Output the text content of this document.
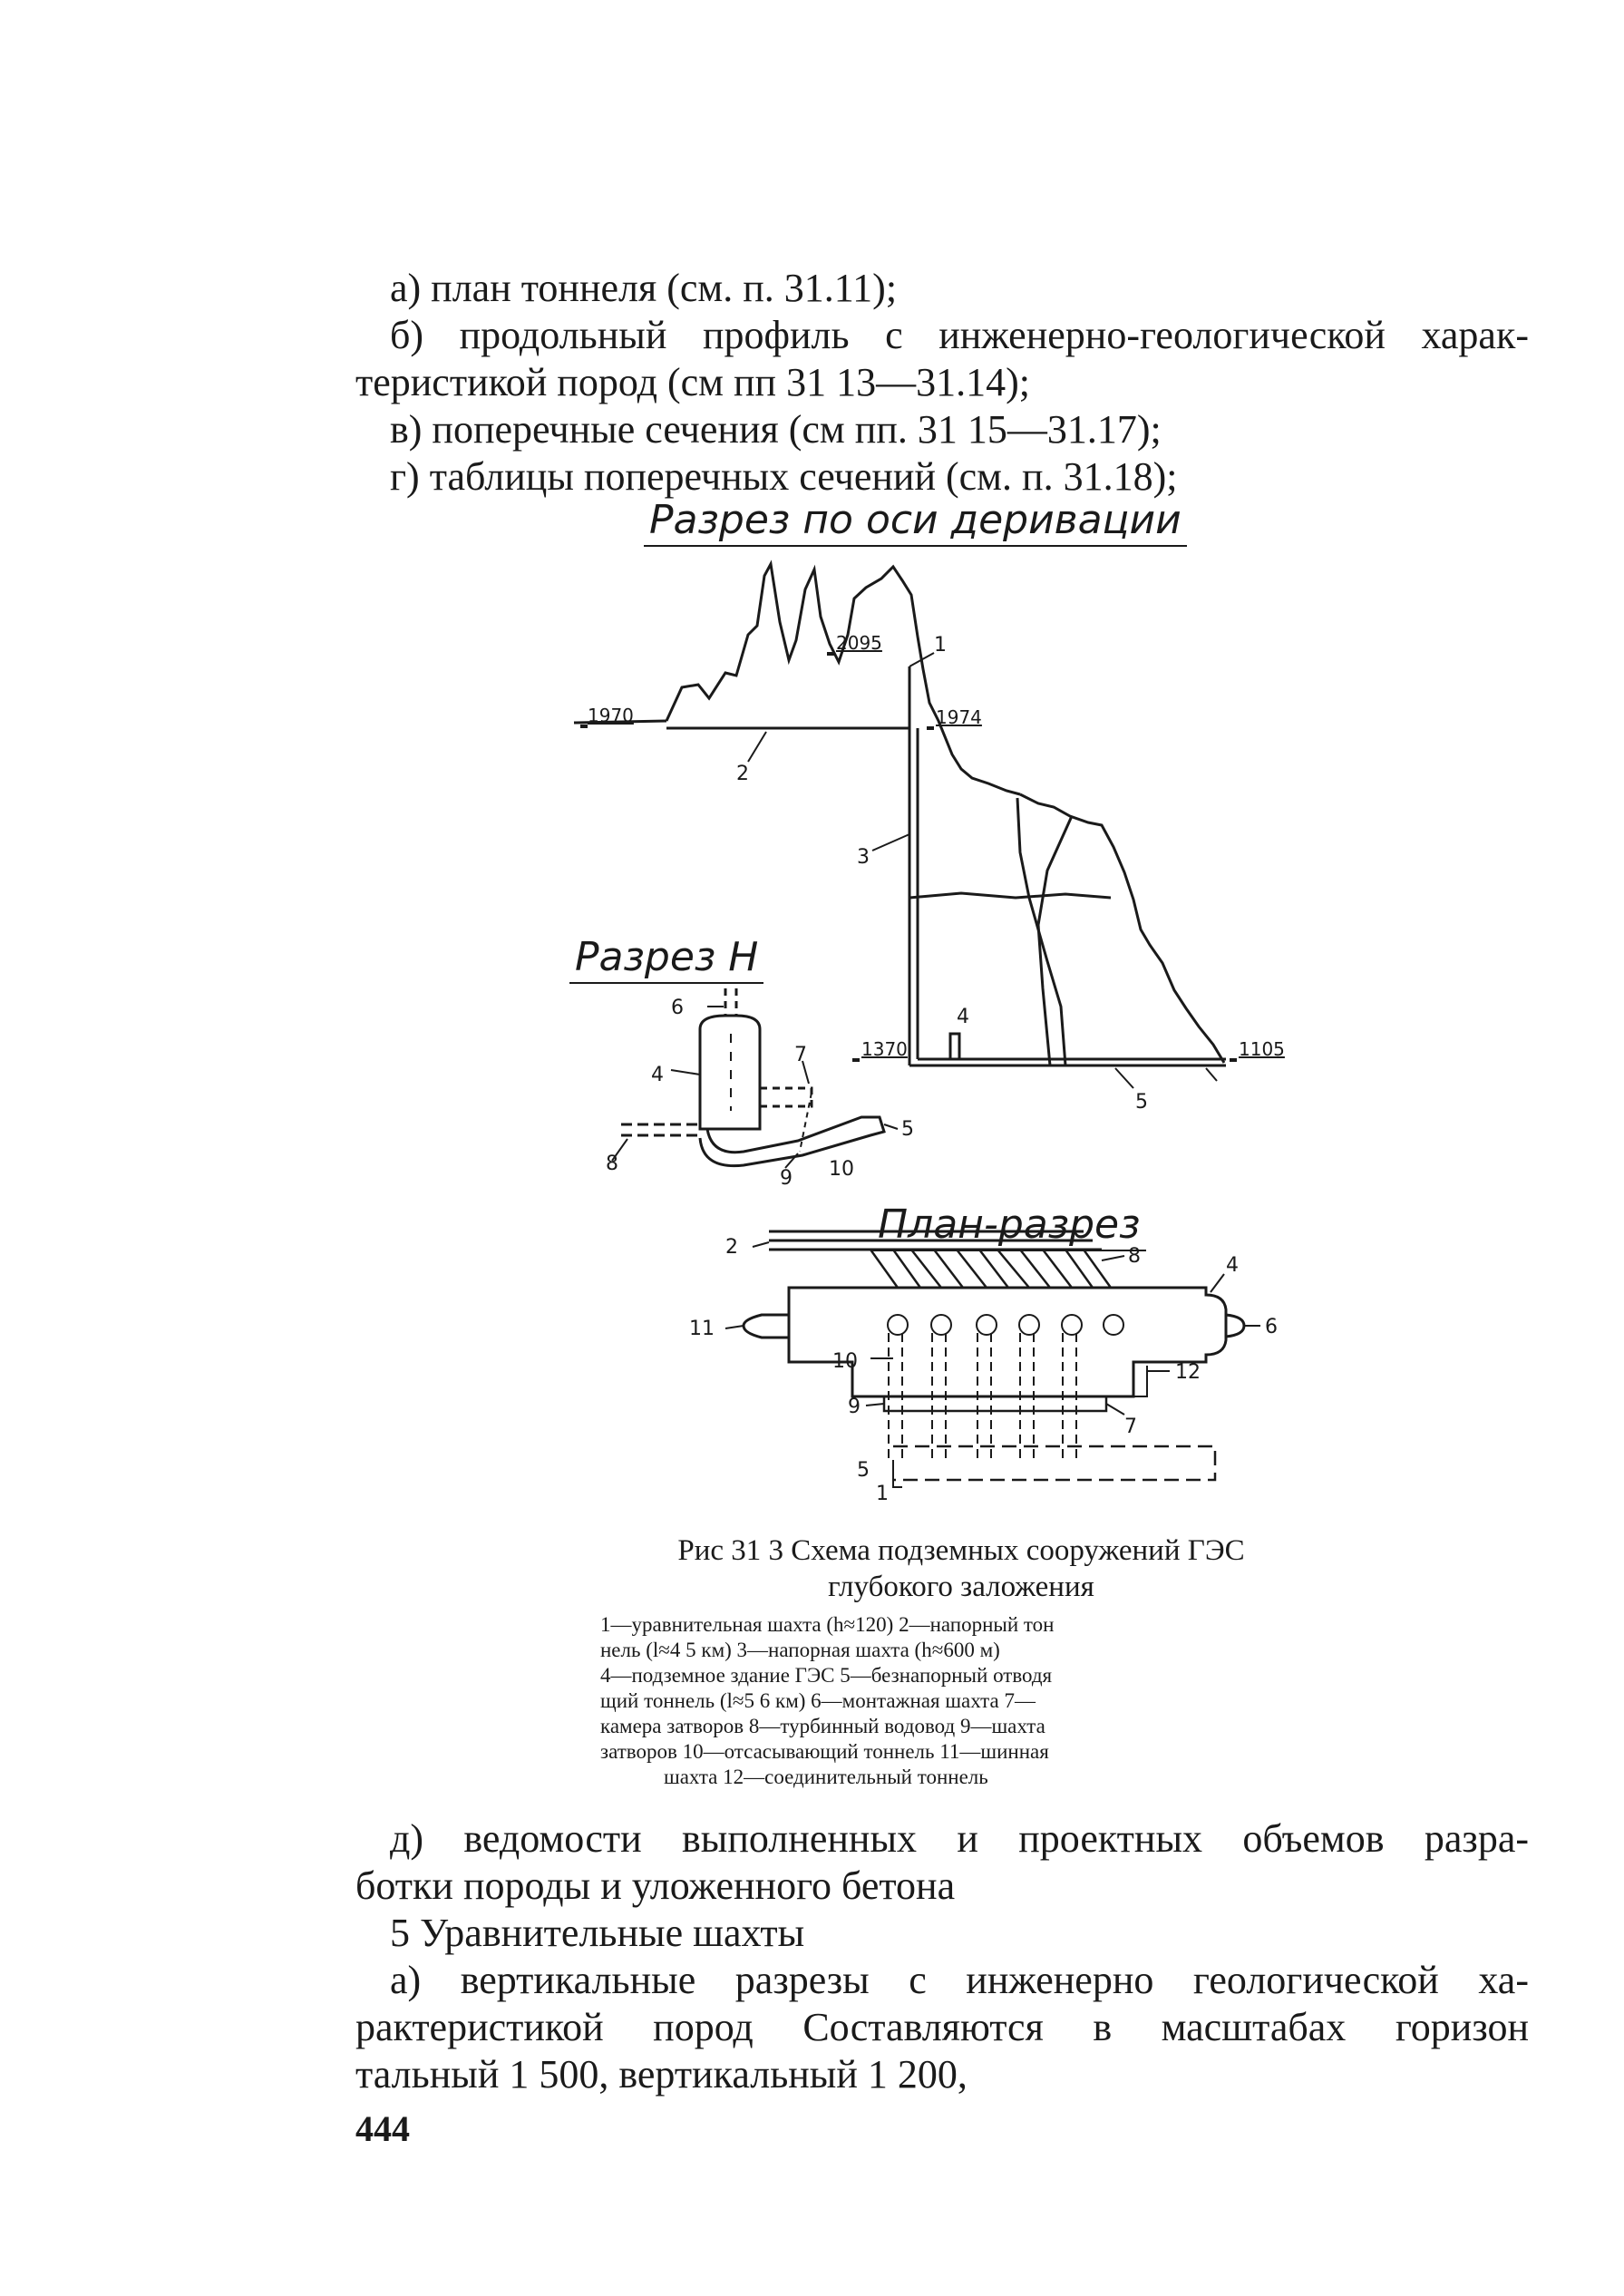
а) план тоннеля (см. п. 31.11);
б) продольный профиль с инженерно-геологической харак-
теристикой пород (см пп 31 13—31.14);
в) поперечные сечения (см пп. 31 15—31.17);
г) таблицы поперечных сечений (см. п. 31.18);
Разрез по оси деривации
Разрез Н
План-разрез
1970
2095
1974
1370	1105
1
2
3
4
5
6
4
7
8
9 10
5
2	8
11	6
4
10	12
7
9
5
1
Рис 31 3 Схема подземных сооружений ГЭС
глубокого заложения
1—уравнительная шахта (h≈120) 2—напорный тон
нель (l≈4 5 км) 3—напорная шахта (h≈600 м)
4—подземное здание ГЭС 5—безнапорный отводя
щий тоннель (l≈5 6 км) 6—монтажная шахта 7—
камера затворов 8—турбинный водовод 9—шахта
затворов 10—отсасывающий тоннель 11—шинная
шахта 12—соединительный тоннель
д) ведомости выполненных и проектных объемов разра-
ботки породы и уложенного бетона
5 Уравнительные шахты
а) вертикальные разрезы с инженерно геологической ха-
рактеристикой пород Составляются в масштабах горизон
тальный 1 500, вертикальный 1 200,
444
